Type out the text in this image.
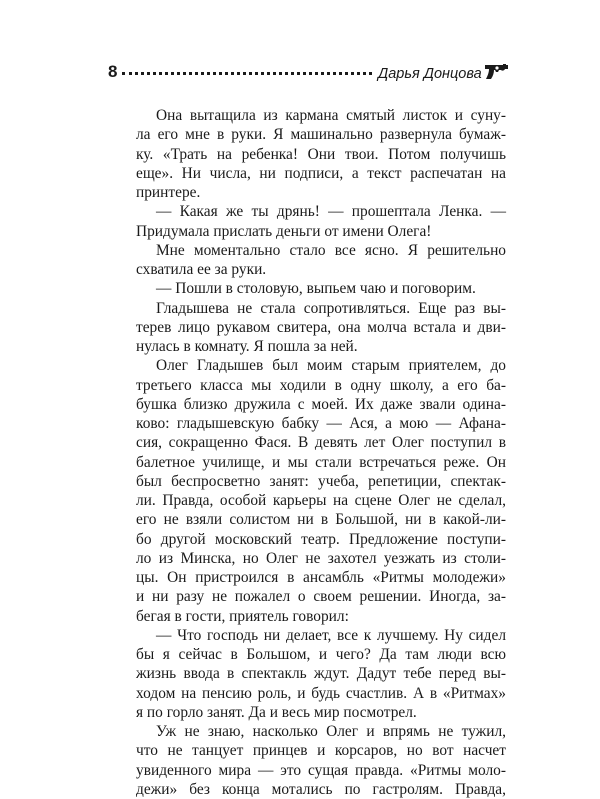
8	Дарья Донцова

Она вытащила из кармана смятый листок и суну-

ла его мне в руки. Я машинально развернула бумаж-

ку. «Трать на ребенка! Они твои. Потом получишь

еще». Ни числа, ни подписи, а текст распечатан на

принтере.

— Какая же ты дрянь! — прошептала Ленка. —

Придумала прислать деньги от имени Олега!

Мне моментально стало все ясно. Я решительно

схватила ее за руки.

— Пошли в столовую, выпьем чаю и поговорим.

Гладышева не стала сопротивляться. Еще раз вы-

терев лицо рукавом свитера, она молча встала и дви-

нулась в комнату. Я пошла за ней.

Олег Гладышев был моим старым приятелем, до

третьего класса мы ходили в одну школу, а его ба-

бушка близко дружила с моей. Их даже звали одина-

ково: гладышевскую бабку — Ася, а мою — Афана-

сия, сокращенно Фася. В девять лет Олег поступил в

балетное училище, и мы стали встречаться реже. Он

был беспросветно занят: учеба, репетиции, спектак-

ли. Правда, особой карьеры на сцене Олег не сделал,

его не взяли солистом ни в Большой, ни в какой-ли-

бо другой московский театр. Предложение поступи-

ло из Минска, но Олег не захотел уезжать из столи-

цы. Он пристроился в ансамбль «Ритмы молодежи»

и ни разу не пожалел о своем решении. Иногда, за-

бегая в гости, приятель говорил:

— Что господь ни делает, все к лучшему. Ну сидел

бы я сейчас в Большом, и чего? Да там люди всю

жизнь ввода в спектакль ждут. Дадут тебе перед вы-

ходом на пенсию роль, и будь счастлив. А в «Ритмах»

я по горло занят. Да и весь мир посмотрел.

Уж не знаю, насколько Олег и впрямь не тужил,

что не танцует принцев и корсаров, но вот насчет

увиденного мира — это сущая правда. «Ритмы моло-

дежи» без конца мотались по гастролям. Правда,
